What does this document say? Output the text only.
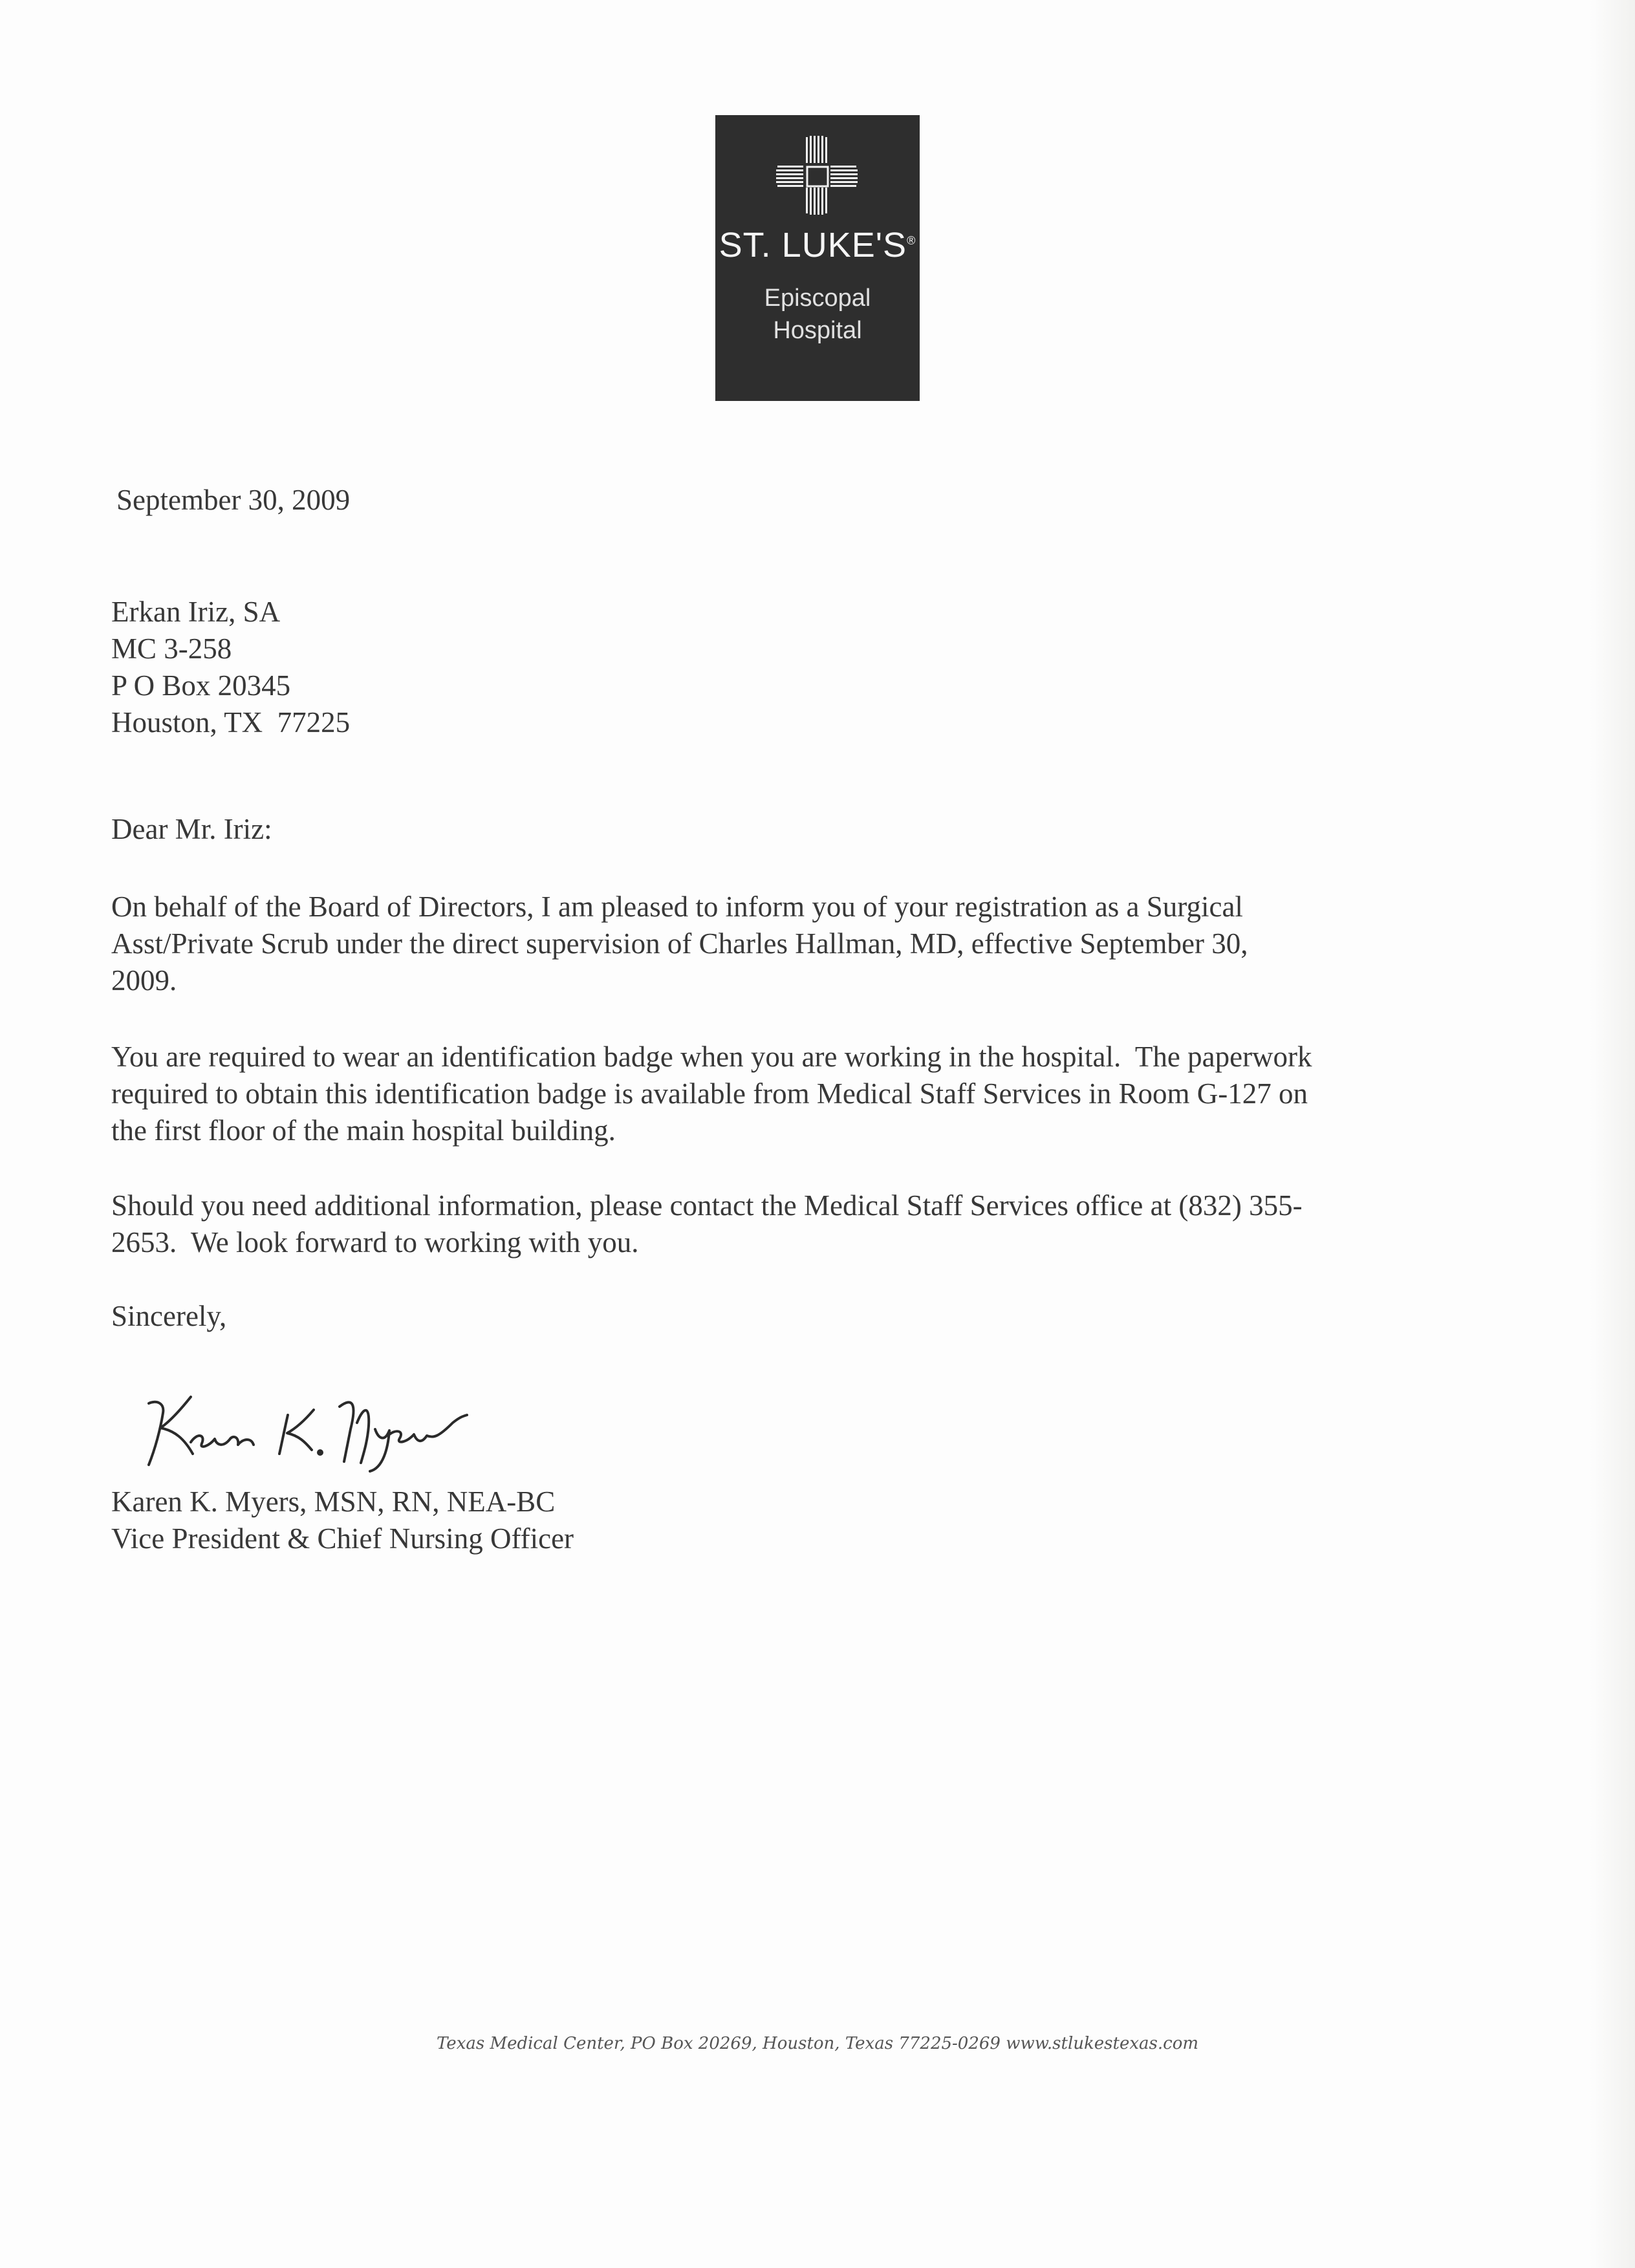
ST. LUKE'S®
Episcopal
Hospital
September 30, 2009
Erkan Iriz, SA
MC 3-258
P O Box 20345
Houston, TX  77225
Dear Mr. Iriz:
On behalf of the Board of Directors, I am pleased to inform you of your registration as a Surgical
Asst/Private Scrub under the direct supervision of Charles Hallman, MD, effective September 30,
2009.
You are required to wear an identification badge when you are working in the hospital.  The paperwork
required to obtain this identification badge is available from Medical Staff Services in Room G-127 on
the first floor of the main hospital building.
Should you need additional information, please contact the Medical Staff Services office at (832) 355-
2653.  We look forward to working with you.
Sincerely,
Karen K. Myers, MSN, RN, NEA-BC
Vice President & Chief Nursing Officer
Texas Medical Center, PO Box 20269, Houston, Texas 77225-0269 www.stlukestexas.com
